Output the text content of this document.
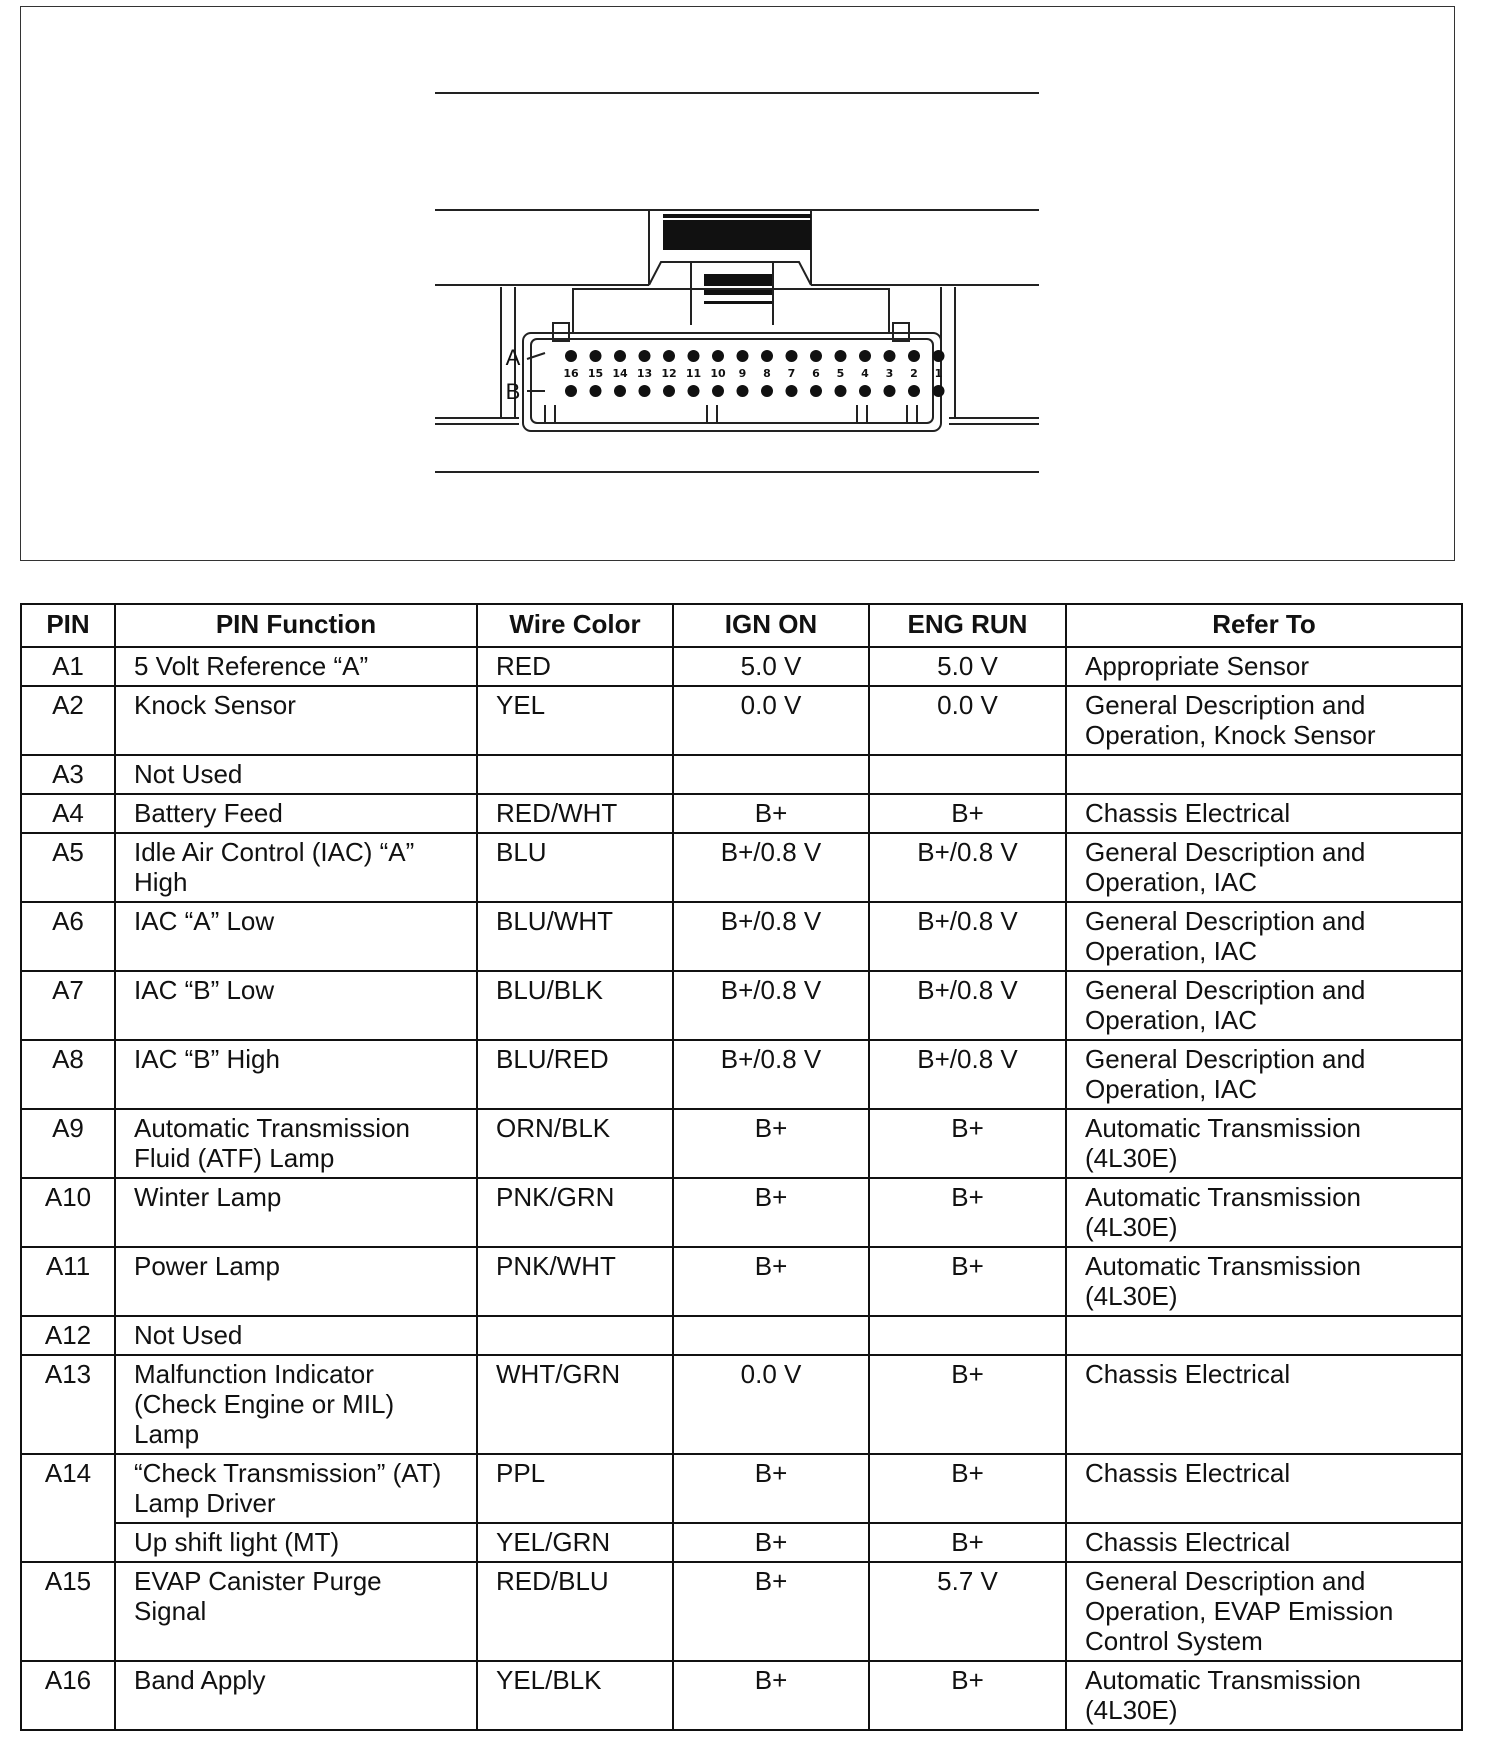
16 15 14 13 12 11 10 9 8 7 6 5 4 3 2 1
A
B
PIN	PIN Function	Wire Color	IGN ON	ENG RUN	Refer To
A1	5 Volt Reference “A”	RED	5.0 V	5.0 V	Appropriate Sensor
A2	Knock Sensor	YEL	0.0 V	0.0 V	General Description and
Operation, Knock Sensor
A3	Not Used				
A4	Battery Feed	RED/WHT	B+	B+	Chassis Electrical
A5	Idle Air Control (IAC) “A”
High	BLU	B+/0.8 V	B+/0.8 V	General Description and
Operation, IAC
A6	IAC “A” Low	BLU/WHT	B+/0.8 V	B+/0.8 V	General Description and
Operation, IAC
A7	IAC “B” Low	BLU/BLK	B+/0.8 V	B+/0.8 V	General Description and
Operation, IAC
A8	IAC “B” High	BLU/RED	B+/0.8 V	B+/0.8 V	General Description and
Operation, IAC
A9	Automatic Transmission
Fluid (ATF) Lamp	ORN/BLK	B+	B+	Automatic Transmission
(4L30E)
A10	Winter Lamp	PNK/GRN	B+	B+	Automatic Transmission
(4L30E)
A11	Power Lamp	PNK/WHT	B+	B+	Automatic Transmission
(4L30E)
A12	Not Used				
A13	Malfunction Indicator
(Check Engine or MIL)
Lamp	WHT/GRN	0.0 V	B+	Chassis Electrical
A14	“Check Transmission” (AT)
Lamp Driver	PPL	B+	B+	Chassis Electrical
	Up shift light (MT)	YEL/GRN	B+	B+	Chassis Electrical
A15	EVAP Canister Purge
Signal	RED/BLU	B+	5.7 V	General Description and
Operation, EVAP Emission
Control System
A16	Band Apply	YEL/BLK	B+	B+	Automatic Transmission
(4L30E)
